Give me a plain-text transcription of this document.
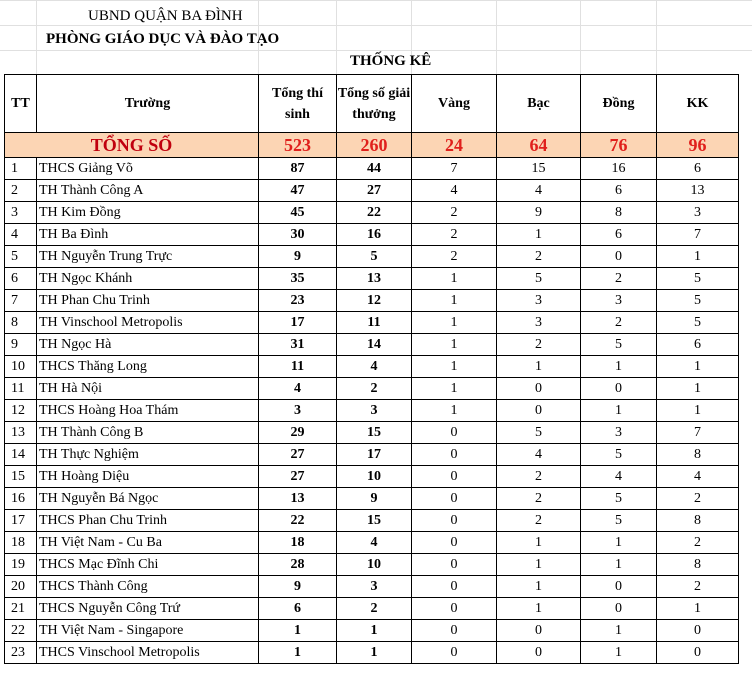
UBND QUẬN BA ĐÌNH
PHÒNG GIÁO DỤC VÀ ĐÀO TẠO
THỐNG KÊ
TT	Trường	Tổng thí sinh	Tổng số giải thưởng	Vàng	Bạc	Đồng	KK
TỔNG SỐ		523	260	24	64	76	96
1	THCS Giảng Võ	87	44	7	15	16	6
2	TH Thành Công A	47	27	4	4	6	13
3	TH Kim Đồng	45	22	2	9	8	3
4	TH Ba Đình	30	16	2	1	6	7
5	TH Nguyễn Trung Trực	9	5	2	2	0	1
6	TH Ngọc Khánh	35	13	1	5	2	5
7	TH Phan Chu Trinh	23	12	1	3	3	5
8	TH Vinschool Metropolis	17	11	1	3	2	5
9	TH Ngọc Hà	31	14	1	2	5	6
10	THCS Thăng Long	11	4	1	1	1	1
11	TH Hà Nội	4	2	1	0	0	1
12	THCS Hoàng Hoa Thám	3	3	1	0	1	1
13	TH Thành Công B	29	15	0	5	3	7
14	TH Thực Nghiệm	27	17	0	4	5	8
15	TH Hoàng Diệu	27	10	0	2	4	4
16	TH Nguyễn Bá Ngọc	13	9	0	2	5	2
17	THCS Phan Chu Trinh	22	15	0	2	5	8
18	TH Việt Nam - Cu Ba	18	4	0	1	1	2
19	THCS Mạc Đĩnh Chi	28	10	0	1	1	8
20	THCS Thành Công	9	3	0	1	0	2
21	THCS Nguyễn Công Trứ	6	2	0	1	0	1
22	TH Việt Nam - Singapore	1	1	0	0	1	0
23	THCS Vinschool Metropolis	1	1	0	0	1	0
